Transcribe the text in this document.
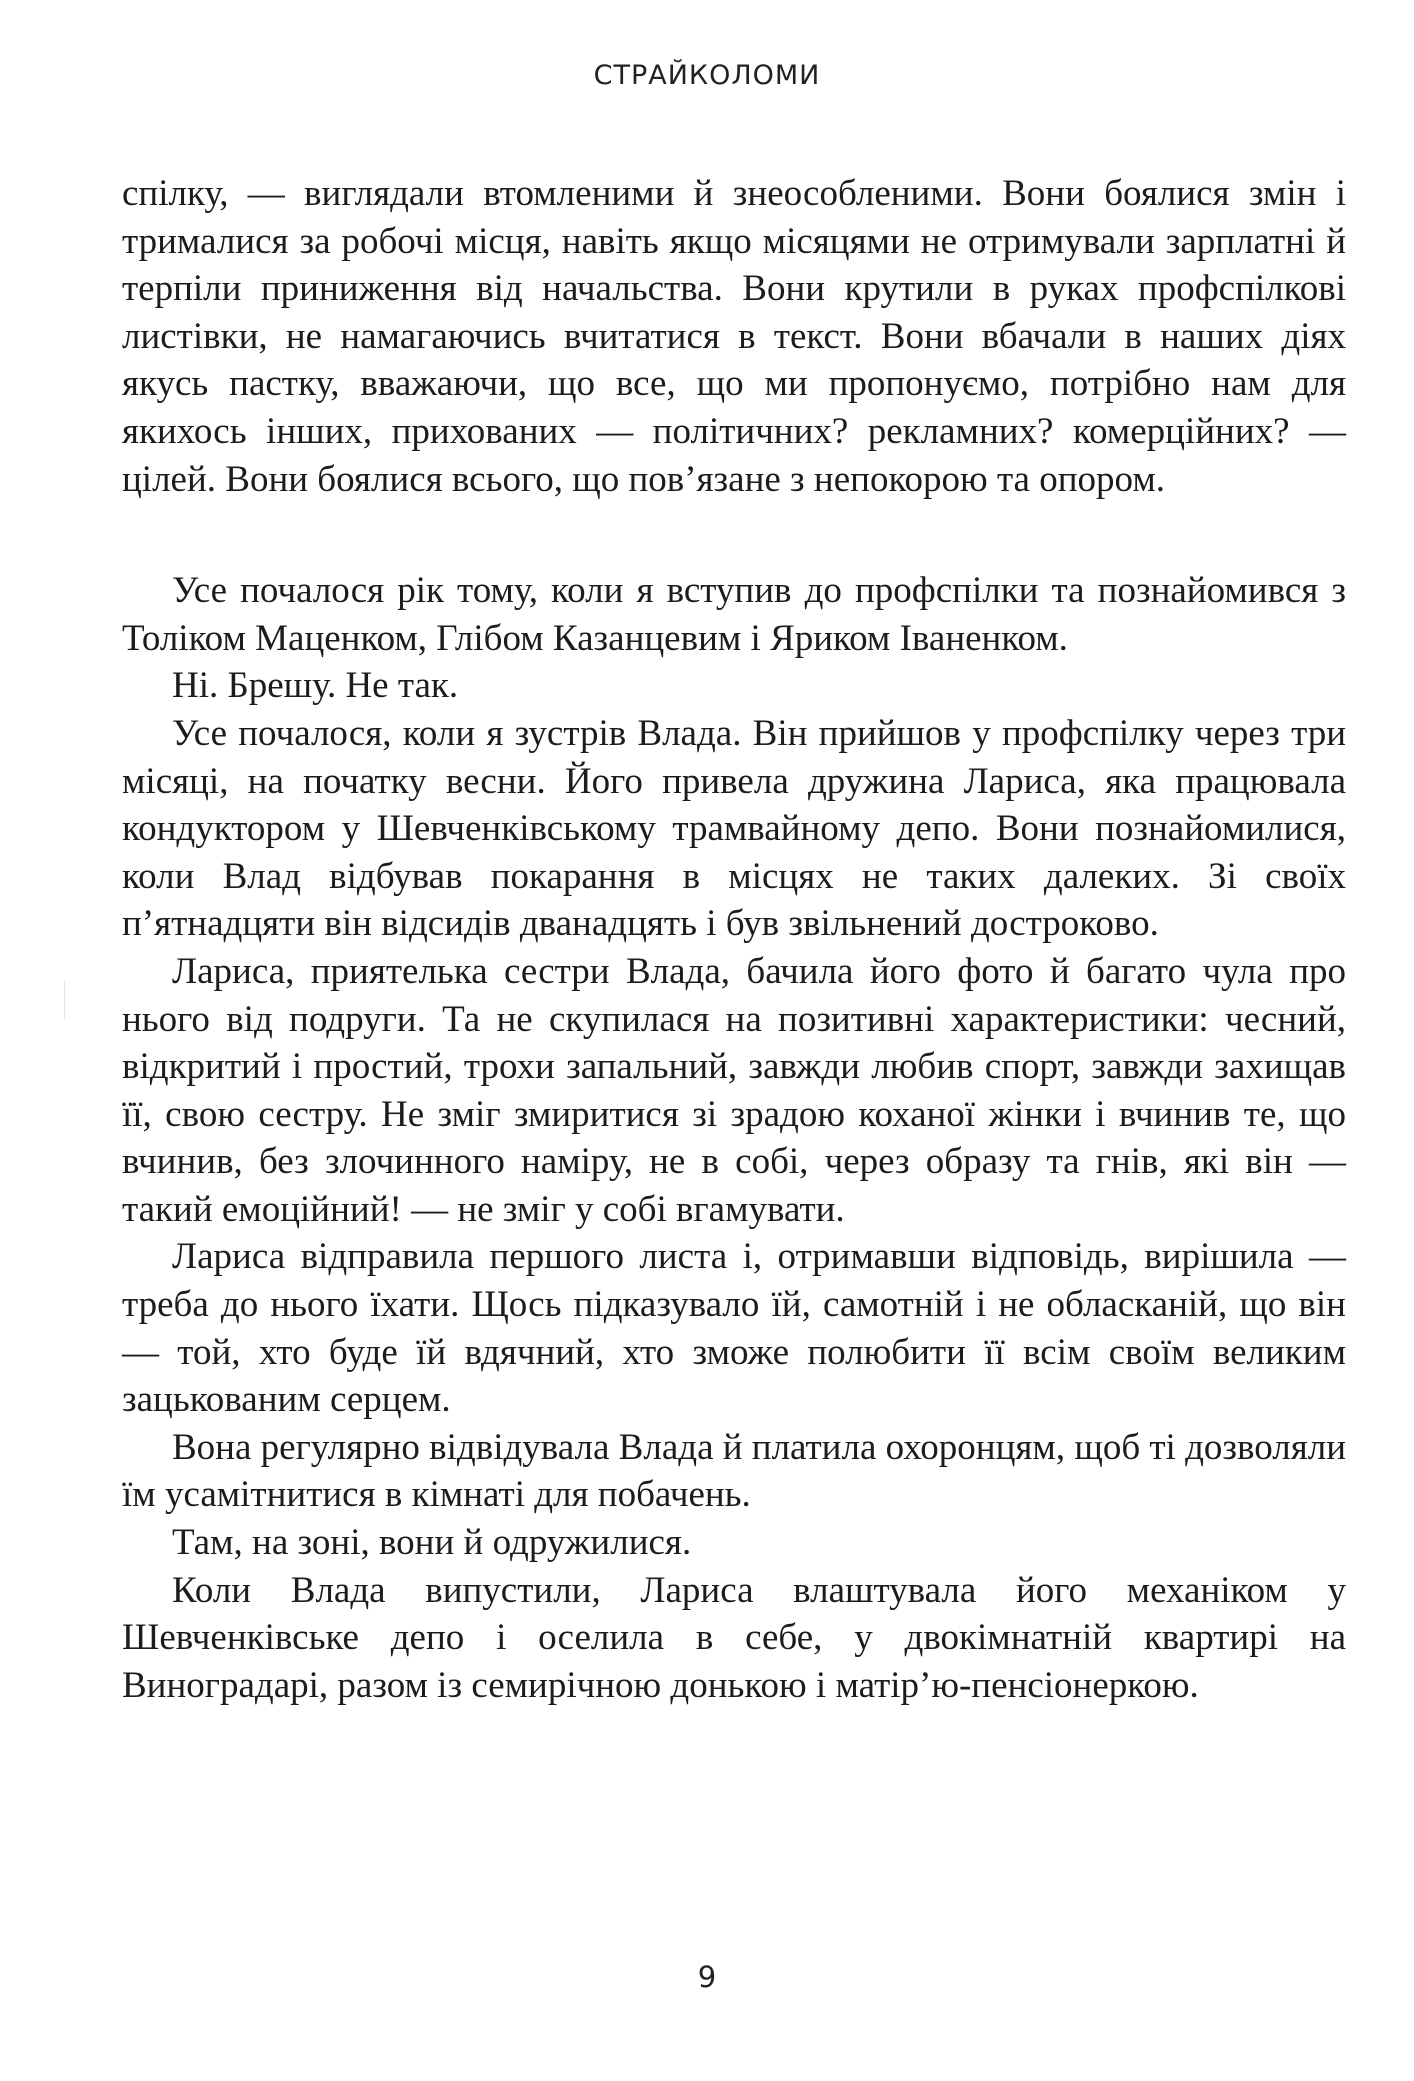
СТРАЙКОЛОМИ

спілку, — виглядали втомленими й знеособленими. Вони боялися змін і трималися за робочі місця, навіть якщо місяцями не отримували зарплатні й терпіли приниження від начальства. Вони крутили в руках профспілкові листівки, не намагаючись вчитатися в текст. Вони вбачали в наших діях якусь пастку, вважаючи, що все, що ми пропонуємо, потрібно нам для якихось інших, прихованих — політичних? рекламних? комерційних? — цілей. Вони боялися всього, що пов’язане з непокорою та опором.

Усе почалося рік тому, коли я вступив до профспілки та познайомився з Толіком Маценком, Глібом Казанцевим і Яриком Іваненком.

Ні. Брешу. Не так.

Усе почалося, коли я зустрів Влада. Він прийшов у профспілку через три місяці, на початку весни. Його привела дружина Лариса, яка працювала кондуктором у Шевченківському трамвайному депо. Вони познайомилися, коли Влад відбував покарання в місцях не таких далеких. Зі своїх п’ятнадцяти він відсидів дванадцять і був звільнений достроково.

Лариса, приятелька сестри Влада, бачила його фото й багато чула про нього від подруги. Та не скупилася на позитивні характеристики: чесний, відкритий і простий, трохи запальний, завжди любив спорт, завжди захищав її, свою сестру. Не зміг змиритися зі зрадою коханої жінки і вчинив те, що вчинив, без злочинного наміру, не в собі, через образу та гнів, які він — такий емоційний! — не зміг у собі вгамувати.

Лариса відправила першого листа і, отримавши відповідь, вирішила — треба до нього їхати. Щось підказувало їй, самотній і не обласканій, що він — той, хто буде їй вдячний, хто зможе полюбити її всім своїм великим зацькованим серцем.

Вона регулярно відвідувала Влада й платила охоронцям, щоб ті дозволяли їм усамітнитися в кімнаті для побачень.

Там, на зоні, вони й одружилися.

Коли Влада випустили, Лариса влаштувала його механіком у Шевченківське депо і оселила в себе, у двокімнатній квартирі на Виноградарі, разом із семирічною донькою і матір’ю-пенсіонеркою.

9
